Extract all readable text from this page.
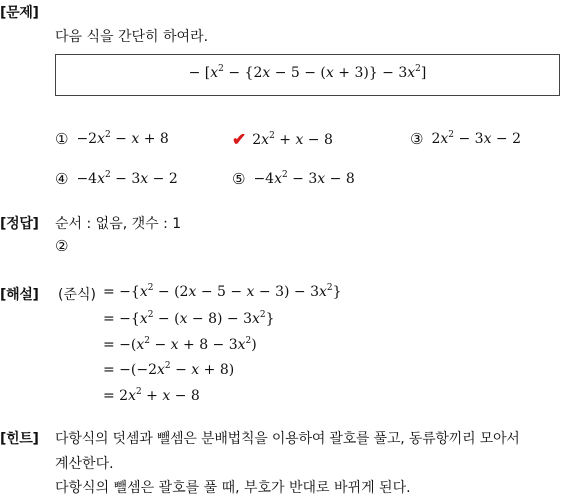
[문제]
다음 식을 간단히 하여라.
− $[x^2 - \{2x - 5 - (x + 3)\} - 3x^2]$
① $-2x^2 - x + 8$	✔ $2x^2 + x - 8$	③ $2x^2 - 3x - 2$
④ $-4x^2 - 3x - 2$	⑤ $-4x^2 - 3x - 8$
[정답] 순서 : 없음, 갯수 : 1
②
[해설] (준식) = $-\{x^2 - (2x - 5 - x - 3) - 3x^2\}$
= $-\{x^2 - (x - 8) - 3x^2\}$
= $-(x^2 - x + 8 - 3x^2)$
= $-(-2x^2 - x + 8)$
= $2x^2 + x - 8$
[힌트] 다항식의 덧셈과 뺄셈은 분배법칙을 이용하여 괄호를 풀고, 동류항끼리 모아서
계산한다.
다항식의 뺄셈은 괄호를 풀 때, 부호가 반대로 바뀌게 된다.
